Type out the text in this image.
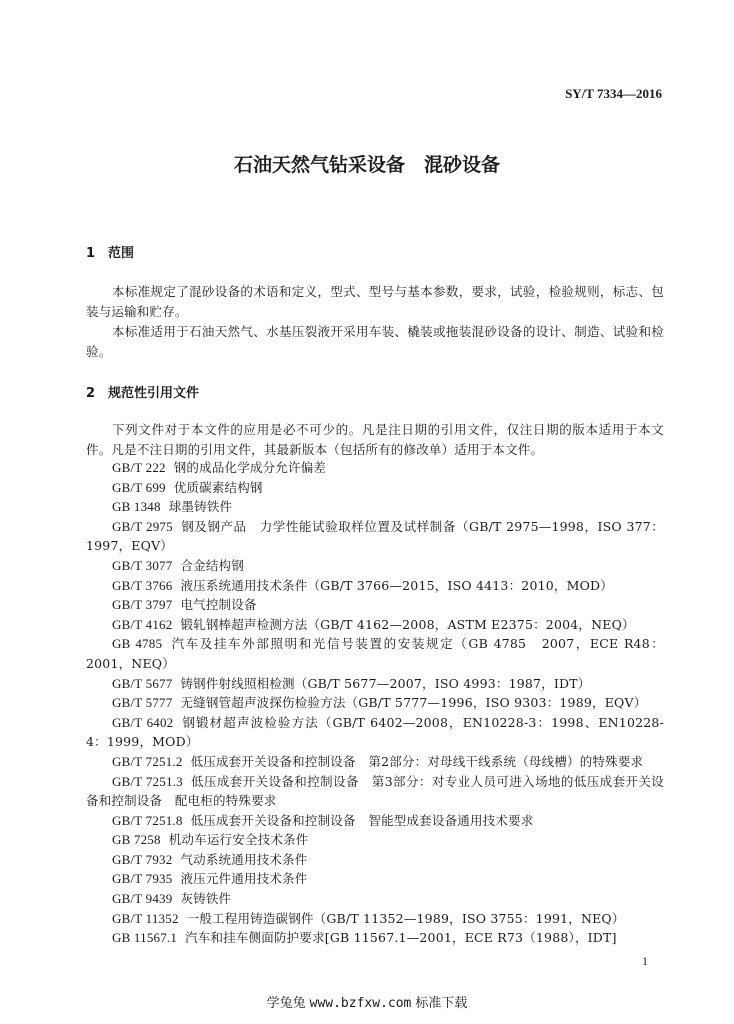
SY/T 7334—2016
石油天然气钻采设备　混砂设备
1 范围
本标准规定了混砂设备的术语和定义，型式、型号与基本参数，要求，试验，检验规则，标志、包装与运输和贮存。
本标准适用于石油天然气、水基压裂液开采用车装、橇装或拖装混砂设备的设计、制造、试验和检验。
2 规范性引用文件
下列文件对于本文件的应用是必不可少的。凡是注日期的引用文件，仅注日期的版本适用于本文件。凡是不注日期的引用文件，其最新版本（包括所有的修改单）适用于本文件。
GB/T 222 钢的成品化学成分允许偏差
GB/T 699 优质碳素结构钢
GB 1348 球墨铸铁件
GB/T 2975 钢及钢产品　力学性能试验取样位置及试样制备（GB/T 2975—1998，ISO 377：1997，EQV）
GB/T 3077 合金结构钢
GB/T 3766 液压系统通用技术条件（GB/T 3766—2015，ISO 4413：2010，MOD）
GB/T 3797 电气控制设备
GB/T 4162 锻轧钢棒超声检测方法（GB/T 4162—2008，ASTM E2375：2004，NEQ）
GB 4785 汽车及挂车外部照明和光信号装置的安装规定（GB 4785　2007，ECE R48：2001，NEQ）
GB/T 5677 铸钢件射线照相检测（GB/T 5677—2007，ISO 4993：1987，IDT）
GB/T 5777 无缝钢管超声波探伤检验方法（GB/T 5777—1996，ISO 9303：1989，EQV）
GB/T 6402 钢锻材超声波检验方法（GB/T 6402—2008，EN10228-3：1998、EN10228-4：1999，MOD）
GB/T 7251.2 低压成套开关设备和控制设备　第2部分：对母线干线系统（母线槽）的特殊要求
GB/T 7251.3 低压成套开关设备和控制设备　第3部分：对专业人员可进入场地的低压成套开关设备和控制设备　配电柜的特殊要求
GB/T 7251.8 低压成套开关设备和控制设备　智能型成套设备通用技术要求
GB 7258 机动车运行安全技术条件
GB/T 7932 气动系统通用技术条件
GB/T 7935 液压元件通用技术条件
GB/T 9439 灰铸铁件
GB/T 11352 一般工程用铸造碳钢件（GB/T 11352—1989，ISO 3755：1991，NEQ）
GB 11567.1 汽车和挂车侧面防护要求[GB 11567.1—2001，ECE R73（1988），IDT]
1
学兔兔 www.bzfxw.com 标准下载
